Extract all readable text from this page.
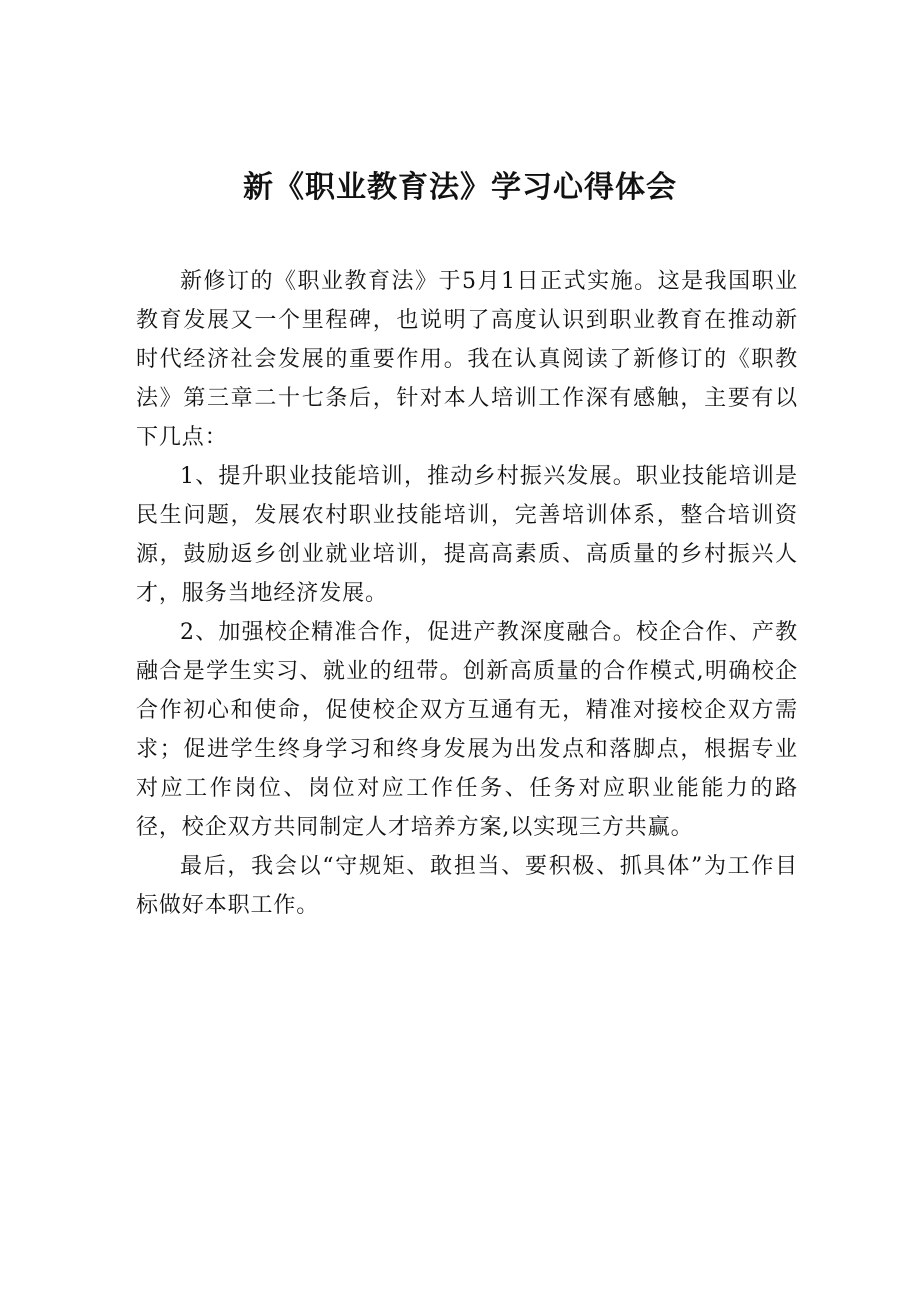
新《职业教育法》学习心得体会

新修订的《职业教育法》于5月1日正式实施。这是我国职业教育发展又一个里程碑，也说明了高度认识到职业教育在推动新时代经济社会发展的重要作用。我在认真阅读了新修订的《职教法》第三章二十七条后，针对本人培训工作深有感触，主要有以下几点：

1、提升职业技能培训，推动乡村振兴发展。职业技能培训是民生问题，发展农村职业技能培训，完善培训体系，整合培训资源，鼓励返乡创业就业培训，提高高素质、高质量的乡村振兴人才，服务当地经济发展。

2、加强校企精准合作，促进产教深度融合。校企合作、产教融合是学生实习、就业的纽带。创新高质量的合作模式,明确校企合作初心和使命，促使校企双方互通有无，精准对接校企双方需求；促进学生终身学习和终身发展为出发点和落脚点，根据专业对应工作岗位、岗位对应工作任务、任务对应职业能能力的路径，校企双方共同制定人才培养方案,以实现三方共赢。

最后，我会以“守规矩、敢担当、要积极、抓具体”为工作目标做好本职工作。
